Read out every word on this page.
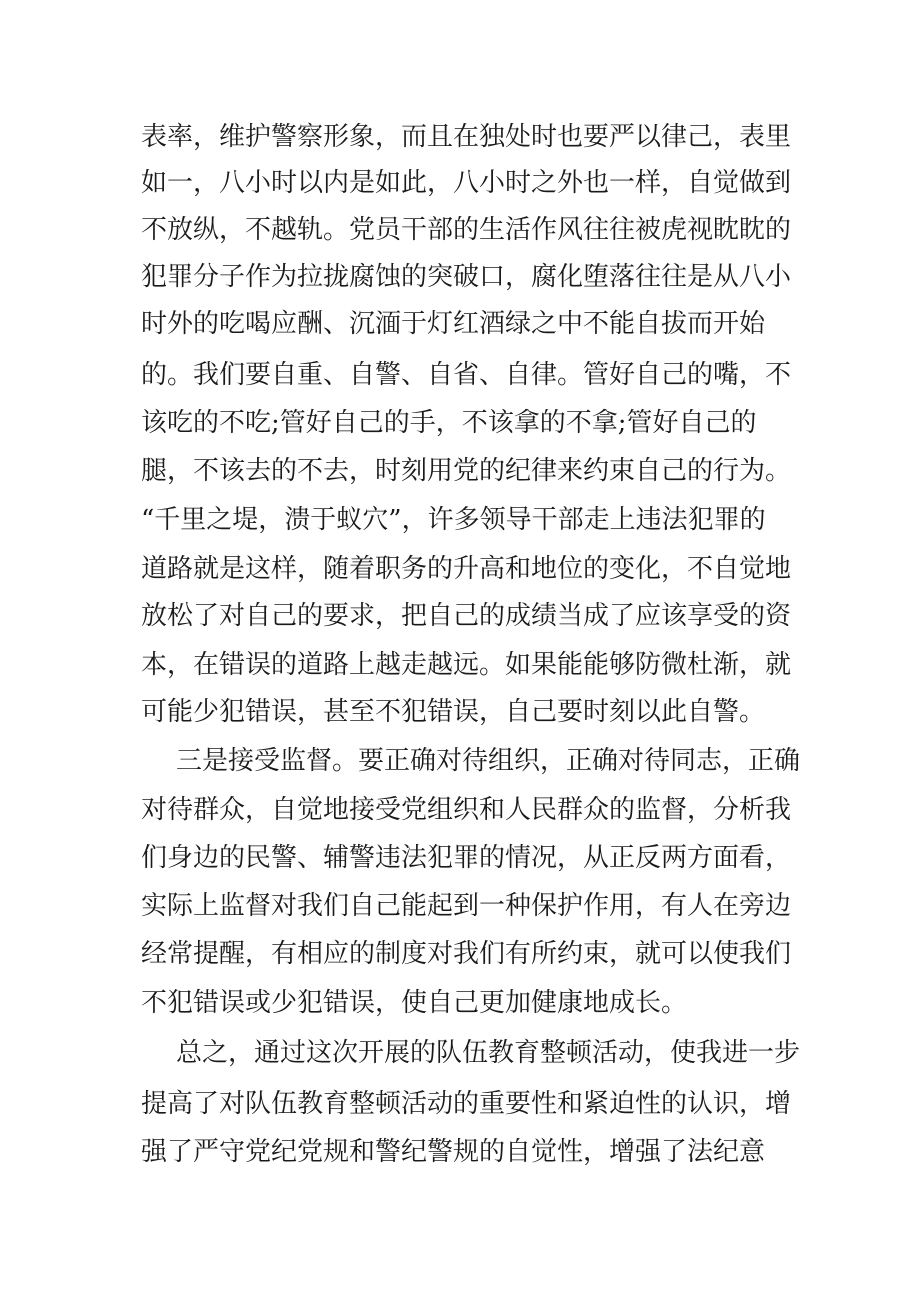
表率，维护警察形象，而且在独处时也要严以律己，表里
如一，八小时以内是如此，八小时之外也一样，自觉做到
不放纵，不越轨。党员干部的生活作风往往被虎视眈眈的
犯罪分子作为拉拢腐蚀的突破口，腐化堕落往往是从八小
时外的吃喝应酬、沉湎于灯红酒绿之中不能自拔而开始
的。我们要自重、自警、自省、自律。管好自己的嘴，不
该吃的不吃;管好自己的手，不该拿的不拿;管好自己的
腿，不该去的不去，时刻用党的纪律来约束自己的行为。
“千里之堤，溃于蚁穴”，许多领导干部走上违法犯罪的
道路就是这样，随着职务的升高和地位的变化，不自觉地
放松了对自己的要求，把自己的成绩当成了应该享受的资
本，在错误的道路上越走越远。如果能能够防微杜渐，就
可能少犯错误，甚至不犯错误，自己要时刻以此自警。
三是接受监督。要正确对待组织，正确对待同志，正确
对待群众，自觉地接受党组织和人民群众的监督，分析我
们身边的民警、辅警违法犯罪的情况，从正反两方面看，
实际上监督对我们自己能起到一种保护作用，有人在旁边
经常提醒，有相应的制度对我们有所约束，就可以使我们
不犯错误或少犯错误，使自己更加健康地成长。
总之，通过这次开展的队伍教育整顿活动，使我进一步
提高了对队伍教育整顿活动的重要性和紧迫性的认识，增
强了严守党纪党规和警纪警规的自觉性，增强了法纪意
